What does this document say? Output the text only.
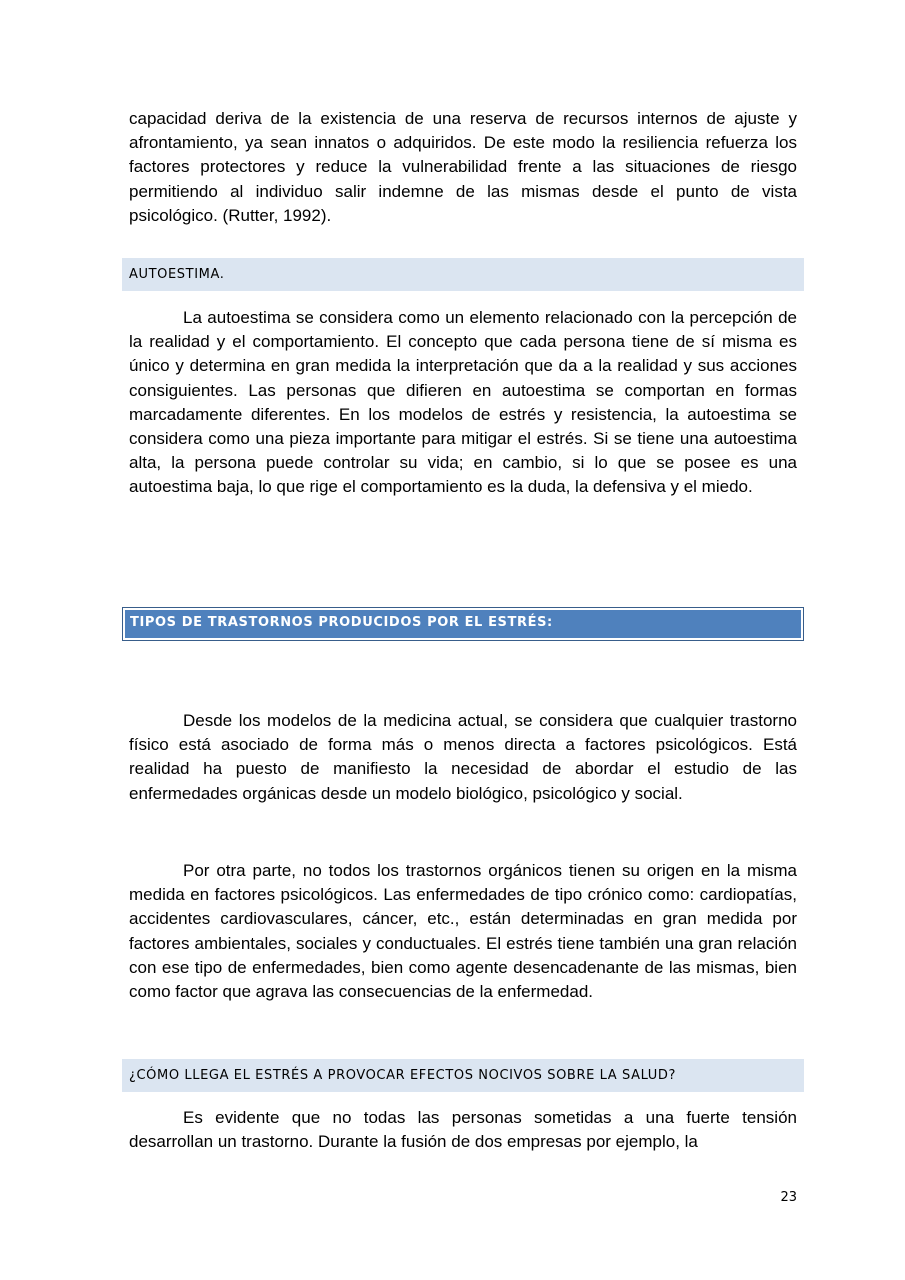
capacidad deriva de la existencia de una reserva de recursos internos de ajuste y afrontamiento, ya sean innatos o adquiridos. De este modo la resiliencia refuerza los factores protectores y reduce la vulnerabilidad frente a las situaciones de riesgo permitiendo al individuo salir indemne de las mismas desde el punto de vista psicológico. (Rutter, 1992).

AUTOESTIMA.

La autoestima se considera como un elemento relacionado con la percepción de la realidad y el comportamiento. El concepto que cada persona tiene de sí misma es único y determina en gran medida la interpretación que da a la realidad y sus acciones consiguientes. Las personas que difieren en autoestima se comportan en formas marcadamente diferentes. En los modelos de estrés y resistencia, la autoestima se considera como una pieza importante para mitigar el estrés. Si se tiene una autoestima alta, la persona puede controlar su vida; en cambio, si lo que se posee es una autoestima baja, lo que rige el comportamiento es la duda, la defensiva y el miedo.

TIPOS DE TRASTORNOS PRODUCIDOS POR EL ESTRÉS:

Desde los modelos de la medicina actual, se considera que cualquier trastorno físico está asociado de forma más o menos directa a factores psicológicos. Está realidad ha puesto de manifiesto la necesidad de abordar el estudio de las enfermedades orgánicas desde un modelo biológico, psicológico y social.

Por otra parte, no todos los trastornos orgánicos tienen su origen en la misma medida en factores psicológicos. Las enfermedades de tipo crónico como: cardiopatías, accidentes cardiovasculares, cáncer, etc., están determinadas en gran medida por factores ambientales, sociales y conductuales. El estrés tiene también una gran relación con ese tipo de enfermedades, bien como agente desencadenante de las mismas, bien como factor que agrava las consecuencias de la enfermedad.

¿CÓMO LLEGA EL ESTRÉS A PROVOCAR EFECTOS NOCIVOS SOBRE LA SALUD?

Es evidente que no todas las personas sometidas a una fuerte tensión desarrollan un trastorno. Durante la fusión de dos empresas por ejemplo, la

23
